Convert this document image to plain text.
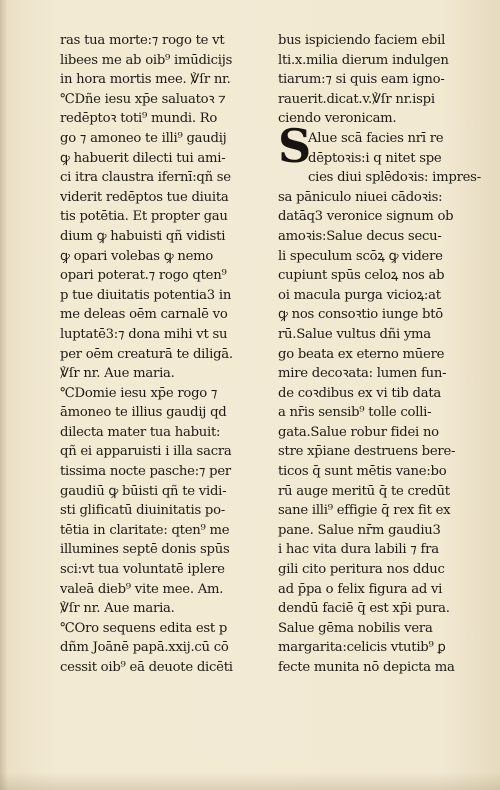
ras tua morte:⁊ rogo te vt
libees me ab oib⁹ imūdicijs
in hora mortis mee. ℣ſr nr.
℃Dñe iesu xp̄e saluatoꝛ ⁊
redēptoꝛ toti⁹ mundi. Ro
go ⁊ amoneo te illi⁹ gaudij
ꝙ habuerit dilecti tui ami-
ci itra claustra ifernī:qñ se
viderit redēptos tue diuita
tis potētia. Et propter gau
dium ꝙ habuisti qñ vidisti
ꝙ opari volebas ꝙ nemo
opari poterat.⁊ rogo qten⁹
p tue diuitatis potentia3 in
me deleas oēm carnalē vo
luptatē3:⁊ dona mihi vt su
per oēm creaturā te diligā.
℣ſr nr. Aue maria.
℃Domie iesu xp̄e rogo ⁊
āmoneo te illius gaudij qd
dilecta mater tua habuit:
qñ ei apparuisti i illa sacra
tissima nocte pasche:⁊ per
gaudiū ꝙ būisti qñ te vidi-
sti glificatū diuinitatis po-
tētia in claritate: qten⁹ me
illumines septē donis spūs
sci:vt tua voluntatē iplere
valeā dieb⁹ vite mee. Am.
℣ſr nr. Aue maria.
℃Oro sequens edita est p
dñm Joānē papā.xxij.cū cō
cessit oib⁹ eā deuote dicēti
bus ispiciendo faciem ebil
lti.x.milia dierum indulgen
tiarum:⁊ si quis eam igno-
rauerit.dicat.v.℣ſr nr.ispi
ciendo veronicam.
S
Alue scā facies nrī re
dēptoꝛis:i q nitet spe
cies diui splēdoꝛis: impres-
sa pāniculo niuei cādoꝛis:
datāq3 veronice signum ob
amoꝛis:Salue decus secu-
li speculum scōꝝ ꝙ videre
cupiunt spūs celoꝝ nos ab
oi macula purga vicioꝝ:at
ꝙ nos consoꝛtio iunge btō
rū.Salue vultus dñi yma
go beata ex eterno mūere
mire decoꝛata: lumen fun-
de coꝛdibus ex vi tib data
a nr̄is sensib⁹ tolle colli-
gata.Salue robur fidei no
stre xp̄iane destruens bere-
ticos q̄ sunt mētis vane:bo
rū auge meritū q̄ te credūt
sane illi⁹ effigie q̄ rex fit ex
pane. Salue nr̄m gaudiu3
i hac vita dura labili ⁊ fra
gili cito peritura nos dduc
ad p̄pa o felix figura ad vi
dendū faciē q̄ est xp̄i pura.
Salue gēma nobilis vera
margarita:celicis vtutib⁹ ꝑ
fecte munita nō depicta ma
